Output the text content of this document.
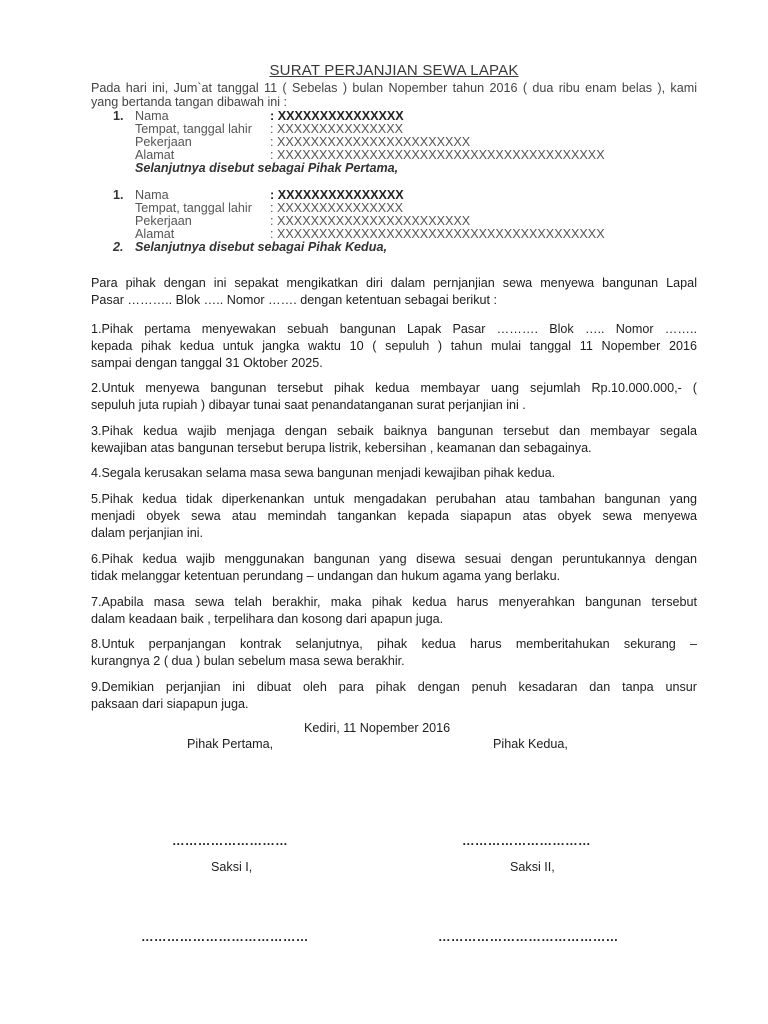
SURAT PERJANJIAN SEWA LAPAK
Pada hari ini, Jum`at tanggal 11 ( Sebelas ) bulan Nopember tahun 2016 ( dua ribu enam belas ), kami
yang bertanda tangan dibawah ini :
1. Nama	: XXXXXXXXXXXXXXX
Tempat, tanggal lahir : XXXXXXXXXXXXXXX
Pekerjaan	: XXXXXXXXXXXXXXXXXXXXXXX
Alamat	: XXXXXXXXXXXXXXXXXXXXXXXXXXXXXXXXXXXXXXX
Selanjutnya disebut sebagai Pihak Pertama,
1. Nama	: XXXXXXXXXXXXXXX
Tempat, tanggal lahir : XXXXXXXXXXXXXXX
Pekerjaan	: XXXXXXXXXXXXXXXXXXXXXXX
Alamat	: XXXXXXXXXXXXXXXXXXXXXXXXXXXXXXXXXXXXXXX
2. Selanjutnya disebut sebagai Pihak Kedua,
Para pihak dengan ini sepakat mengikatkan diri dalam pernjanjian sewa menyewa bangunan Lapal
Pasar ……….. Blok ….. Nomor ……. dengan ketentuan sebagai berikut :
1.Pihak pertama menyewakan sebuah bangunan Lapak Pasar ………. Blok ….. Nomor ……..
kepada pihak kedua untuk jangka waktu 10 ( sepuluh ) tahun mulai tanggal 11 Nopember 2016
sampai dengan tanggal 31 Oktober 2025.
2.Untuk menyewa bangunan tersebut pihak kedua membayar uang sejumlah Rp.10.000.000,- (
sepuluh juta rupiah ) dibayar tunai saat penandatanganan surat perjanjian ini .
3.Pihak kedua wajib menjaga dengan sebaik baiknya bangunan tersebut dan membayar segala
kewajiban atas bangunan tersebut berupa listrik, kebersihan , keamanan dan sebagainya.
4.Segala kerusakan selama masa sewa bangunan menjadi kewajiban pihak kedua.
5.Pihak kedua tidak diperkenankan untuk mengadakan perubahan atau tambahan bangunan yang
menjadi obyek sewa atau memindah tangankan kepada siapapun atas obyek sewa menyewa
dalam perjanjian ini.
6.Pihak kedua wajib menggunakan bangunan yang disewa sesuai dengan peruntukannya dengan
tidak melanggar ketentuan perundang – undangan dan hukum agama yang berlaku.
7.Apabila masa sewa telah berakhir, maka pihak kedua harus menyerahkan bangunan tersebut
dalam keadaan baik , terpelihara dan kosong dari apapun juga.
8.Untuk perpanjangan kontrak selanjutnya, pihak kedua harus memberitahukan sekurang –
kurangnya 2 ( dua ) bulan sebelum masa sewa berakhir.
9.Demikian perjanjian ini dibuat oleh para pihak dengan penuh kesadaran dan tanpa unsur
paksaan dari siapapun juga.
Kediri, 11 Nopember 2016
Pihak Pertama,	Pihak Kedua,
………………………	…………………………
Saksi I,	Saksi II,
…………………………………	……………………………………
